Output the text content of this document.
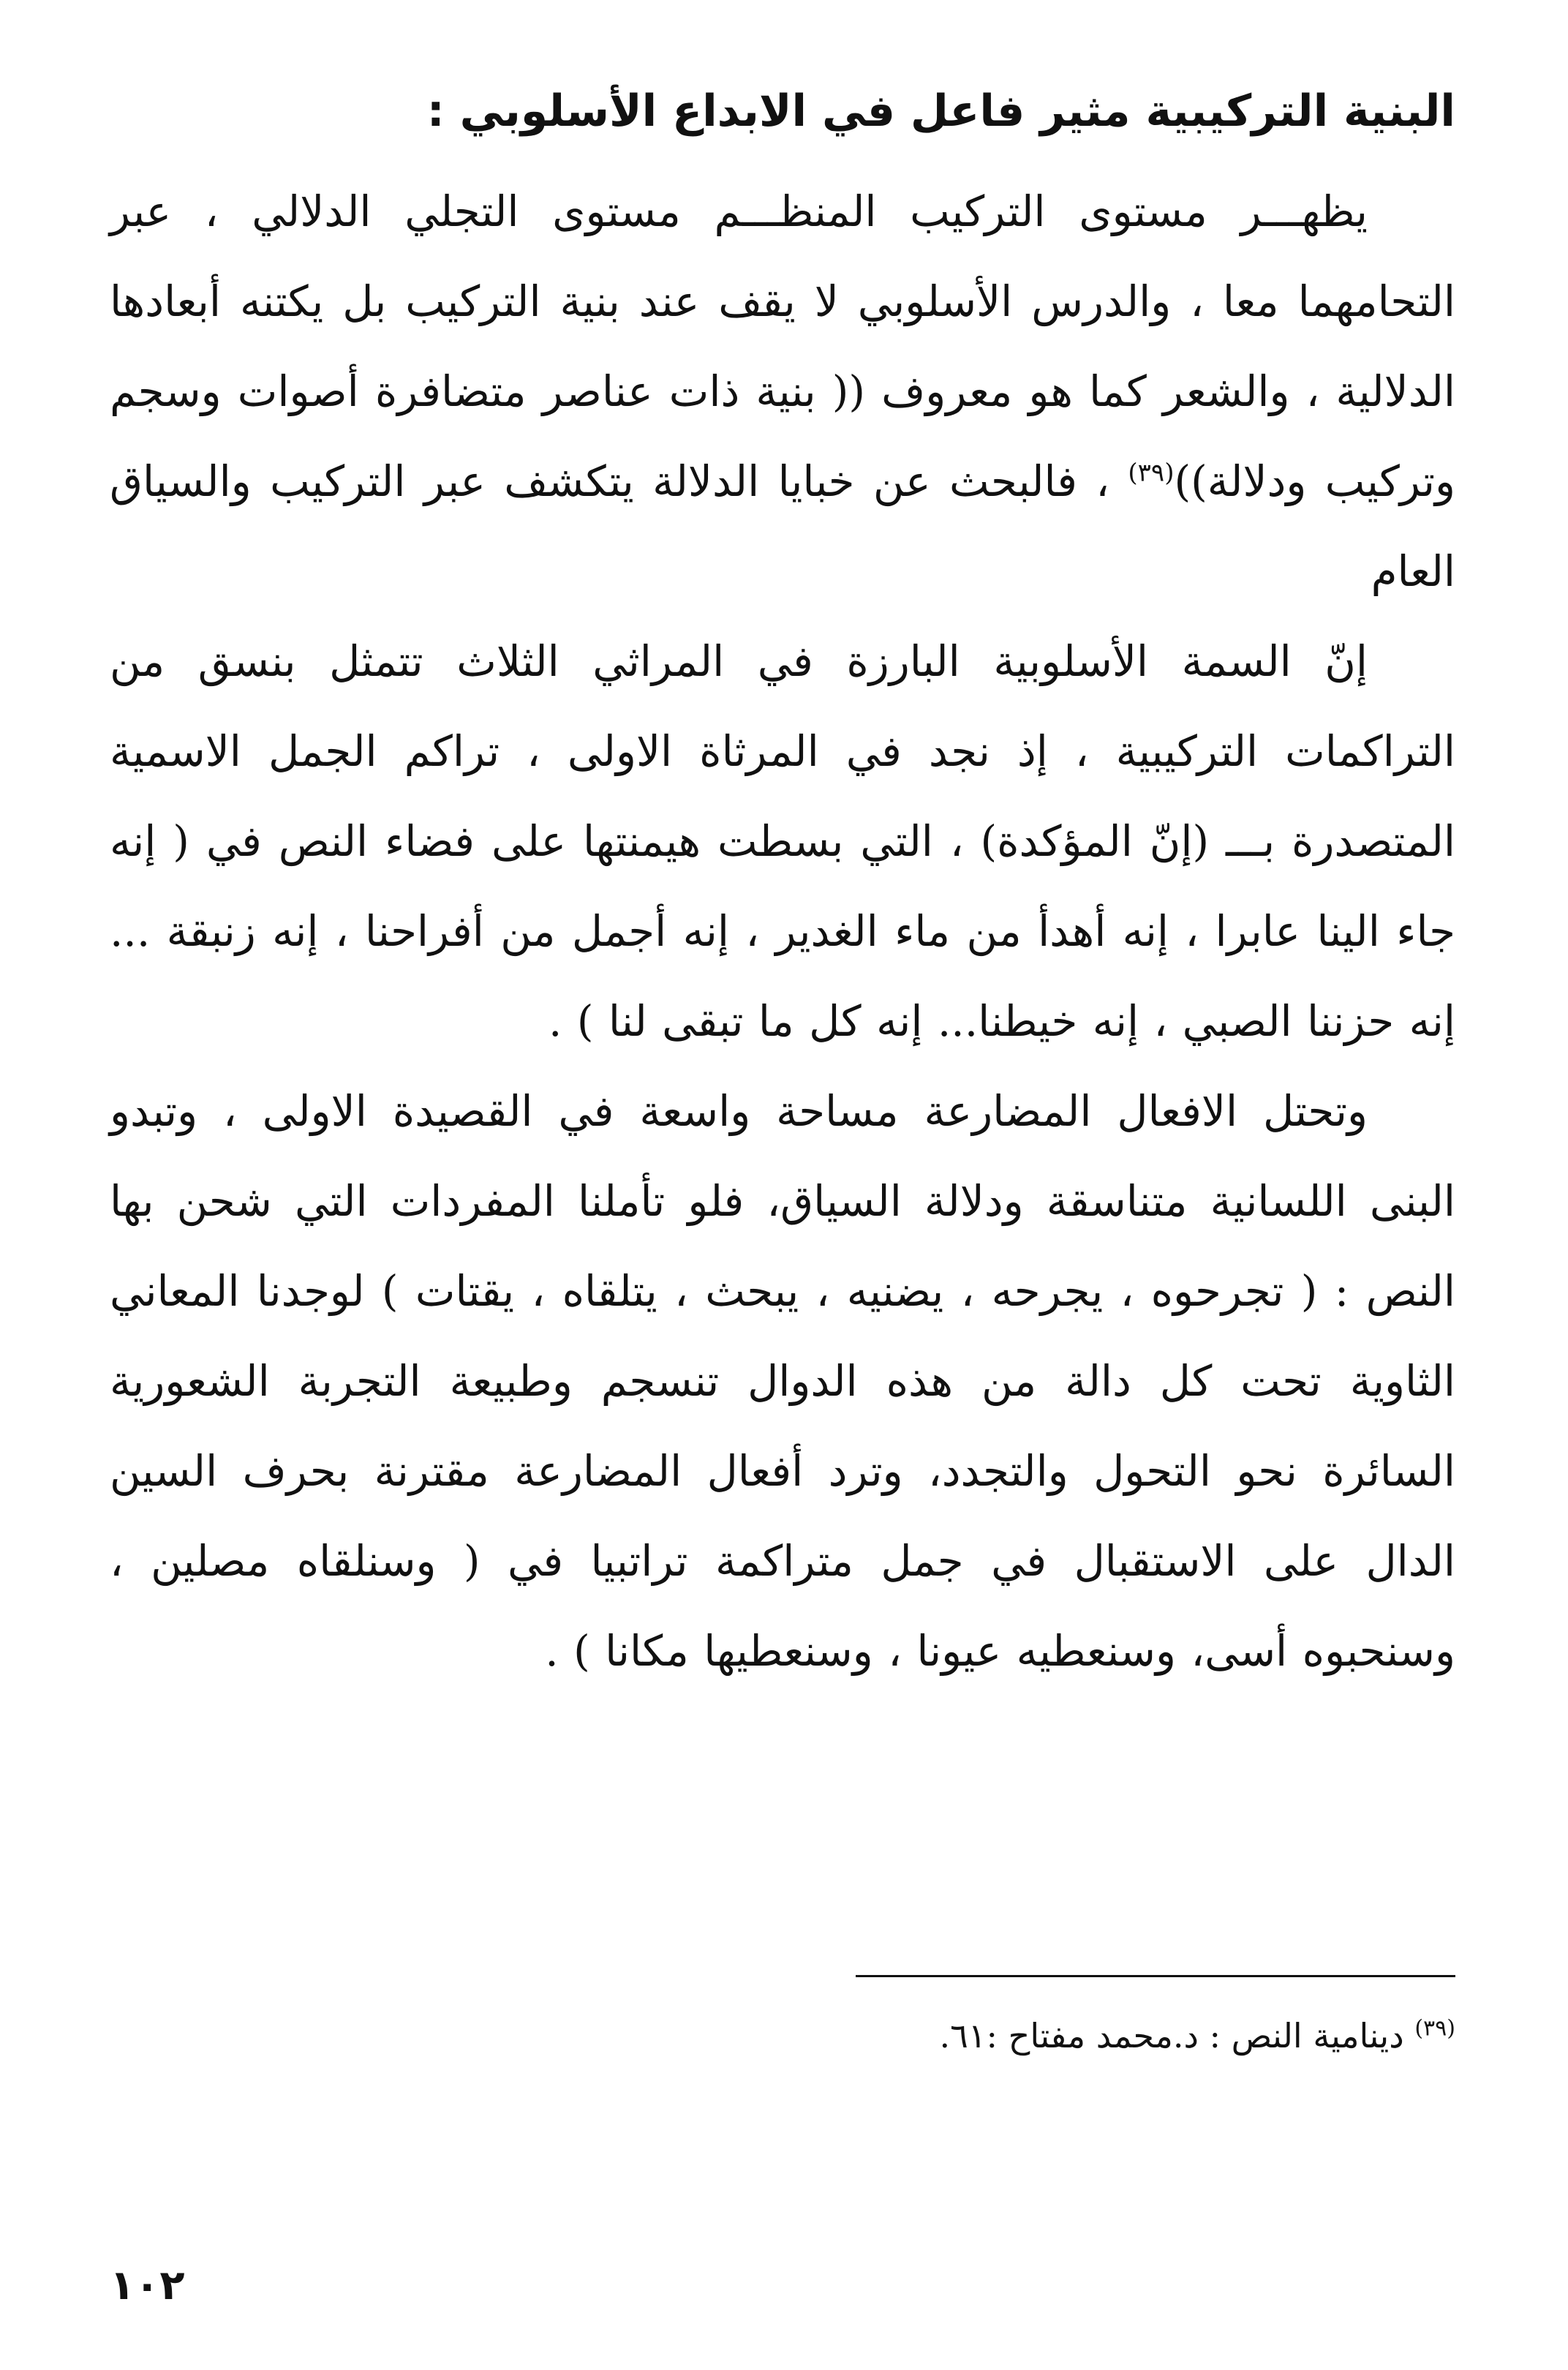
البنية التركيبية مثير فاعل في الابداع الأسلوبي :

يظهـــر مستوى التركيب المنظـــم مستوى التجلي الدلالي ، عبر التحامهما معا ، والدرس الأسلوبي لا يقف عند بنية التركيب بل يكتنه أبعادها الدلالية ، والشعر كما هو معروف (( بنية ذات عناصر متضافرة أصوات وسجم وتركيب ودلالة))$^{(٣٩)}$ ، فالبحث عن خبايا الدلالة يتكشف عبر التركيب والسياق العام

إنّ السمة الأسلوبية البارزة في المراثي الثلاث تتمثل بنسق من التراكمات التركيبية ، إذ نجد في المرثاة الاولى ، تراكم الجمل الاسمية المتصدرة بـــ (إنّ المؤكدة) ، التي بسطت هيمنتها على فضاء النص في ( إنه جاء الينا عابرا ، إنه أهدأ من ماء الغدير ، إنه أجمل من أفراحنا ، إنه زنبقة ... إنه حزننا الصبي ، إنه خيطنا... إنه كل ما تبقى لنا ) .

وتحتل الافعال المضارعة مساحة واسعة في القصيدة الاولى ، وتبدو البنى اللسانية متناسقة ودلالة السياق، فلو تأملنا المفردات التي شحن بها النص : ( تجرحوه ، يجرحه ، يضنيه ، يبحث ، يتلقاه ، يقتات ) لوجدنا المعاني الثاوية تحت كل دالة من هذه الدوال تنسجم وطبيعة التجربة الشعورية السائرة نحو التحول والتجدد، وترد أفعال المضارعة مقترنة بحرف السين الدال على الاستقبال في جمل متراكمة تراتبيا في ( وسنلقاه مصلين ، وسنحبوه أسى، وسنعطيه عيونا ، وسنعطيها مكانا ) .

$^{(٣٩)}$ دينامية النص : د.محمد مفتاح :٦١.
١٠٢
